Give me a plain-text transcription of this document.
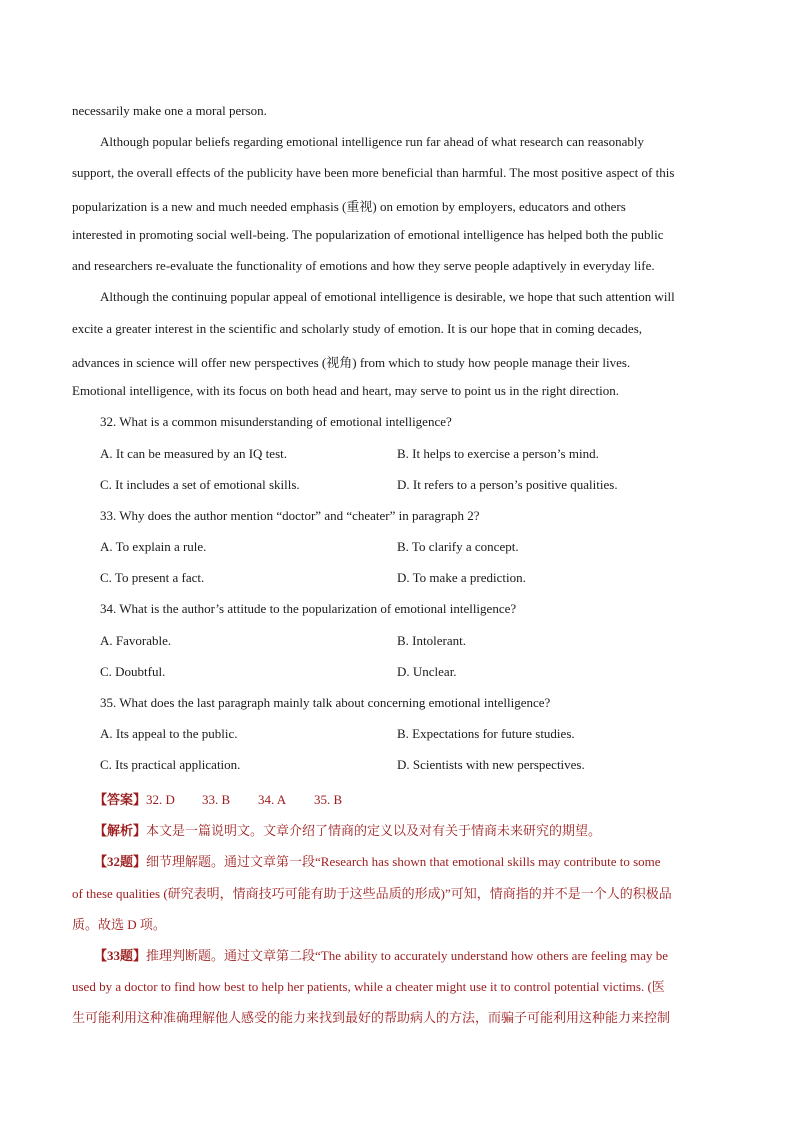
necessarily make one a moral person.
Although popular beliefs regarding emotional intelligence run far ahead of what research can reasonably
support, the overall effects of the publicity have been more beneficial than harmful. The most positive aspect of this
popularization is a new and much needed emphasis (重视) on emotion by employers, educators and others
interested in promoting social well-being. The popularization of emotional intelligence has helped both the public
and researchers re-evaluate the functionality of emotions and how they serve people adaptively in everyday life.
Although the continuing popular appeal of emotional intelligence is desirable, we hope that such attention will
excite a greater interest in the scientific and scholarly study of emotion. It is our hope that in coming decades,
advances in science will offer new perspectives (视角) from which to study how people manage their lives.
Emotional intelligence, with its focus on both head and heart, may serve to point us in the right direction.
32. What is a common misunderstanding of emotional intelligence?
A. It can be measured by an IQ test.	B. It helps to exercise a person’s mind.
C. It includes a set of emotional skills.	D. It refers to a person’s positive qualities.
33. Why does the author mention “doctor” and “cheater” in paragraph 2?
A. To explain a rule.	B. To clarify a concept.
C. To present a fact.	D. To make a prediction.
34. What is the author’s attitude to the popularization of emotional intelligence?
A. Favorable.	B. Intolerant.
C. Doubtful.	D. Unclear.
35. What does the last paragraph mainly talk about concerning emotional intelligence?
A. Its appeal to the public.	B. Expectations for future studies.
C. Its practical application.	D. Scientists with new perspectives.
【答案】32. D 33. B 34. A 35. B
【解析】本文是一篇说明文。文章介绍了情商的定义以及对有关于情商未来研究的期望。
【32题】细节理解题。通过文章第一段“Research has shown that emotional skills may contribute to some
of these qualities (研究表明，情商技巧可能有助于这些品质的形成)”可知，情商指的并不是一个人的积极品
质。故选 D 项。
【33题】推理判断题。通过文章第二段“The ability to accurately understand how others are feeling may be
used by a doctor to find how best to help her patients, while a cheater might use it to control potential victims. (医
生可能利用这种准确理解他人感受的能力来找到最好的帮助病人的方法，而骗子可能利用这种能力来控制
